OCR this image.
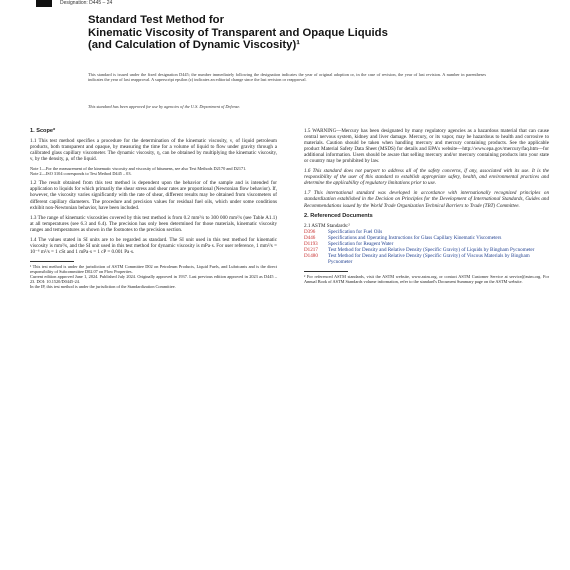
Designation: D445 – 24
Standard Test Method for
Kinematic Viscosity of Transparent and Opaque Liquids
(and Calculation of Dynamic Viscosity)¹
This standard is issued under the fixed designation D445; the number immediately following the designation indicates the year of original adoption or, in the case of revision, the year of last revision. A number in parentheses indicates the year of last reapproval. A superscript epsilon (ε) indicates an editorial change since the last revision or reapproval.
This standard has been approved for use by agencies of the U.S. Department of Defense.

1. Scope*

1.1 This test method specifies a procedure for the determination of the kinematic viscosity, ν, of liquid petroleum products, both transparent and opaque, by measuring the time for a volume of liquid to flow under gravity through a calibrated glass capillary viscometer. The dynamic viscosity, η, can be obtained by multiplying the kinematic viscosity, ν, by the density, ρ, of the liquid.

Note 1—For the measurement of the kinematic viscosity and viscosity of bitumens, see also Test Methods D2170 and D2171.

Note 2—ISO 3104 corresponds to Test Method D445 – 03.

1.2 The result obtained from this test method is dependent upon the behavior of the sample and is intended for application to liquids for which primarily the shear stress and shear rates are proportional (Newtonian flow behavior). If, however, the viscosity varies significantly with the rate of shear, different results may be obtained from viscometers of different capillary diameters. The procedure and precision values for residual fuel oils, which under some conditions exhibit non-Newtonian behavior, have been included.

1.3 The range of kinematic viscosities covered by this test method is from 0.2 mm²/s to 300 000 mm²/s (see Table A1.1) at all temperatures (see 6.3 and 6.4). The precision has only been determined for those materials, kinematic viscosity ranges and temperatures as shown in the footnotes to the precision section.

1.4 The values stated in SI units are to be regarded as standard. The SI unit used in this test method for kinematic viscosity is mm²/s, and the SI unit used in this test method for dynamic viscosity is mPa·s. For user reference, 1 mm²/s = 10⁻⁶ m²/s = 1 cSt and 1 mPa·s = 1 cP = 0.001 Pa·s.

¹ This test method is under the jurisdiction of ASTM Committee D02 on Petroleum Products, Liquid Fuels, and Lubricants and is the direct responsibility of Subcommittee D02.07 on Flow Properties.

Current edition approved June 1, 2024. Published July 2024. Originally approved in 1937. Last previous edition approved in 2023 as D445 – 23. DOI: 10.1520/D0445-24.

In the IP, this test method is under the jurisdiction of the Standardization Committee.

1.5 WARNING—Mercury has been designated by many regulatory agencies as a hazardous material that can cause central nervous system, kidney and liver damage. Mercury, or its vapor, may be hazardous to health and corrosive to materials. Caution should be taken when handling mercury and mercury containing products. See the applicable product Material Safety Data Sheet (MSDS) for details and EPA's website—http://www.epa.gov/mercury/faq.htm—for additional information. Users should be aware that selling mercury and/or mercury containing products into your state or country may be prohibited by law.

1.6 This standard does not purport to address all of the safety concerns, if any, associated with its use. It is the responsibility of the user of this standard to establish appropriate safety, health, and environmental practices and determine the applicability of regulatory limitations prior to use.

1.7 This international standard was developed in accordance with internationally recognized principles on standardization established in the Decision on Principles for the Development of International Standards, Guides and Recommendations issued by the World Trade Organization Technical Barriers to Trade (TBT) Committee.

2. Referenced Documents

2.1 ASTM Standards:²

D396	Specification for Fuel Oils
D446	Specifications and Operating Instructions for Glass Capillary Kinematic Viscometers
D1193	Specification for Reagent Water
D1217	Test Method for Density and Relative Density (Specific Gravity) of Liquids by Bingham Pycnometer
D1480	Test Method for Density and Relative Density (Specific Gravity) of Viscous Materials by Bingham Pycnometer

² For referenced ASTM standards, visit the ASTM website, www.astm.org, or contact ASTM Customer Service at service@astm.org. For Annual Book of ASTM Standards volume information, refer to the standard's Document Summary page on the ASTM website.
